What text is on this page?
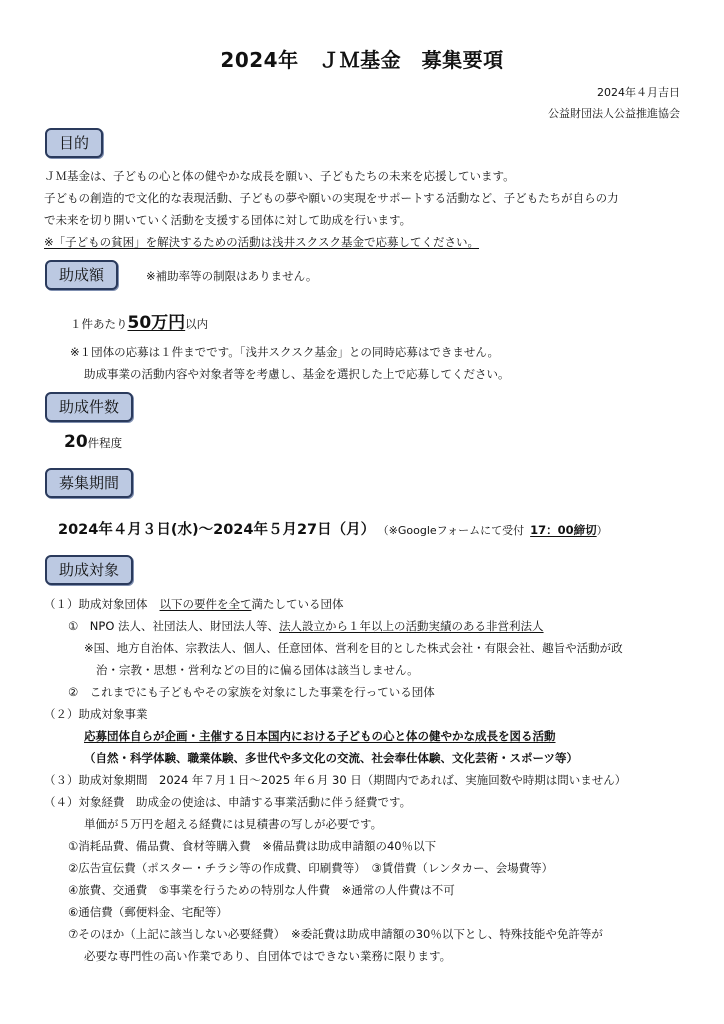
2024年　ＪＭ基金　募集要項
2024年４月吉日
公益財団法人公益推進協会
目的
ＪＭ基金は、子どもの心と体の健やかな成長を願い、子どもたちの未来を応援しています。
子どもの創造的で文化的な表現活動、子どもの夢や願いの実現をサポートする活動など、子どもたちが自らの力
で未来を切り開いていく活動を支援する団体に対して助成を行います。
※「子どもの貧困」を解決するための活動は浅井スクスク基金で応募してください。
助成額	※補助率等の制限はありません。
１件あたり50万円以内
※１団体の応募は１件までです。「浅井スクスク基金」との同時応募はできません。
助成事業の活動内容や対象者等を考慮し、基金を選択した上で応募してください。
助成件数
20件程度
募集期間
2024年４月３日(水)～2024年５月27日（月） （※Googleフォームにて受付 17：00締切）
助成対象
（１）助成対象団体 以下の要件を全て満たしている団体
①　NPO 法人、社団法人、財団法人等、法人設立から１年以上の活動実績のある非営利法人
※国、地方自治体、宗教法人、個人、任意団体、営利を目的とした株式会社・有限会社、趣旨や活動が政
治・宗教・思想・営利などの目的に偏る団体は該当しません。
②　これまでにも子どもやその家族を対象にした事業を行っている団体
（２）助成対象事業
応募団体自らが企画・主催する日本国内における子どもの心と体の健やかな成長を図る活動
（自然・科学体験、職業体験、多世代や多文化の交流、社会奉仕体験、文化芸術・スポーツ等）
（３）助成対象期間　2024 年７月１日～2025 年６月 30 日（期間内であれば、実施回数や時期は問いません）
（４）対象経費　助成金の使途は、申請する事業活動に伴う経費です。
単価が５万円を超える経費には見積書の写しが必要です。
①消耗品費、備品費、食材等購入費　※備品費は助成申請額の40％以下
②広告宣伝費（ポスター・チラシ等の作成費、印刷費等）　③賃借費（レンタカー、会場費等）
④旅費、交通費　⑤事業を行うための特別な人件費　※通常の人件費は不可
⑥通信費（郵便料金、宅配等）
⑦そのほか（上記に該当しない必要経費）　※委託費は助成申請額の30％以下とし、特殊技能や免許等が
必要な専門性の高い作業であり、自団体ではできない業務に限ります。
